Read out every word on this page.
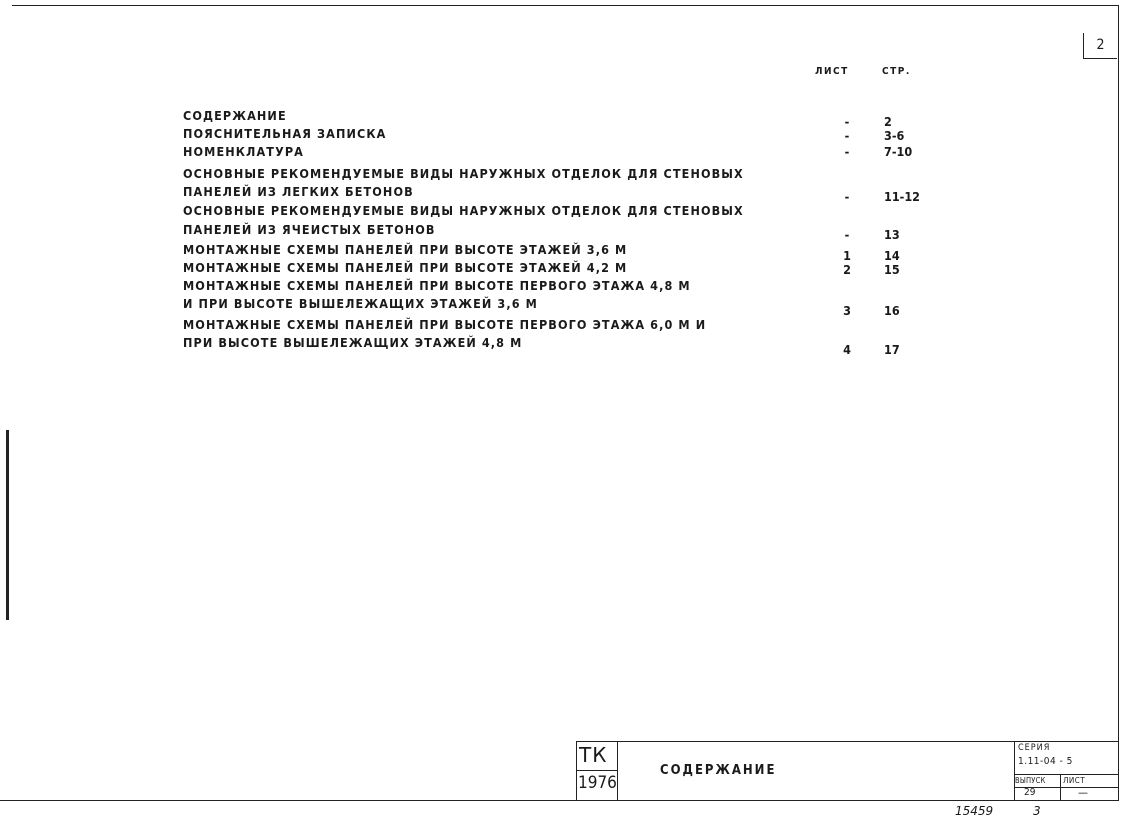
2
ЛИСТ	СТР.
СОДЕРЖАНИЕ	-	2
ПОЯСНИТЕЛЬНАЯ ЗАПИСКА	-	3-6
НОМЕНКЛАТУРА	-	7-10
ОСНОВНЫЕ РЕКОМЕНДУЕМЫЕ ВИДЫ НАРУЖНЫХ ОТДЕЛОК ДЛЯ СТЕНОВЫХ
ПАНЕЛЕЙ ИЗ ЛЕГКИХ БЕТОНОВ	-	11-12
ОСНОВНЫЕ РЕКОМЕНДУЕМЫЕ ВИДЫ НАРУЖНЫХ ОТДЕЛОК ДЛЯ СТЕНОВЫХ
ПАНЕЛЕЙ ИЗ ЯЧЕИСТЫХ БЕТОНОВ	-	13
МОНТАЖНЫЕ СХЕМЫ ПАНЕЛЕЙ ПРИ ВЫСОТЕ ЭТАЖЕЙ 3,6 М	1	14
МОНТАЖНЫЕ СХЕМЫ ПАНЕЛЕЙ ПРИ ВЫСОТЕ ЭТАЖЕЙ 4,2 М	2	15
МОНТАЖНЫЕ СХЕМЫ ПАНЕЛЕЙ ПРИ ВЫСОТЕ ПЕРВОГО ЭТАЖА 4,8 М
И ПРИ ВЫСОТЕ ВЫШЕЛЕЖАЩИХ ЭТАЖЕЙ 3,6 М	3	16
МОНТАЖНЫЕ СХЕМЫ ПАНЕЛЕЙ ПРИ ВЫСОТЕ ПЕРВОГО ЭТАЖА 6,0 М И
ПРИ ВЫСОТЕ ВЫШЕЛЕЖАЩИХ ЭТАЖЕЙ 4,8 М	4	17
ТК
1976
СОДЕРЖАНИЕ
СЕРИЯ
1.11-04 - 5
ВЫПУСК
29
ЛИСТ
—
15459	3
